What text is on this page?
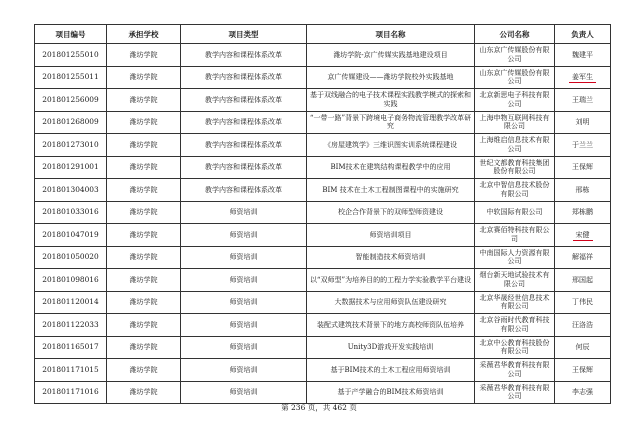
项目编号	承担学校	项目类型	项目名称	公司名称	负责人
201801255010	潍坊学院	教学内容和课程体系改革	潍坊学院-京广传媒实践基地建设项目	山东京广传媒股份有限公司	魏建平
201801255011	潍坊学院	教学内容和课程体系改革	京广传媒建设——潍坊学院校外实践基地	山东京广传媒股份有限公司	姜军生
201801256009	潍坊学院	教学内容和课程体系改革	基于双线融合的电子技术课程实践教学模式的探索和实践	北京新思电子科技有限公司	王瑞兰
201801268009	潍坊学院	教学内容和课程体系改革	“一带一路”背景下跨境电子商务物流管理教学改革研究	上海申物互联网科技有限公司	刘明
201801273010	潍坊学院	教学内容和课程体系改革	《房屋建筑学》三维识图实训系统课程建设	上海维启信息技术有限公司	于兰兰
201801291001	潍坊学院	教学内容和课程体系改革	BIM技术在建筑结构课程教学中的应用	世纪文都教育科技集团股份有限公司	王保辉
201801304003	潍坊学院	教学内容和课程体系改革	BIM 技术在土木工程制图课程中的实施研究	北京中智信息技术股份有限公司	邢栋
201801033016	潍坊学院	师资培训	校企合作背景下的双师型师资建设	中软国际有限公司	郑栋鹏
201801047019	潍坊学院	师资培训	师资培训项目	北京赛佰特科技有限公司	宋健
201801050020	潍坊学院	师资培训	智能制造技术师资培训	中南国际人力资源有限公司	解福祥
201801098016	潍坊学院	师资培训	以“双师型”为培养目的的工程力学实验教学平台建设	烟台新天地试验技术有限公司	邢国起
201801120014	潍坊学院	师资培训	大数据技术与应用师资队伍建设研究	北京华晟经世信息技术有限公司	丁伟民
201801122033	潍坊学院	师资培训	装配式建筑技术背景下的地方高校师资队伍培养	北京谷雨时代教育科技有限公司	汪洛浩
201801165017	潍坊学院	师资培训	Unity3D游戏开发实践培训	北京中公教育科技股份有限公司	何辰
201801171015	潍坊学院	师资培训	基于BIM技术的土木工程应用师资培训	采薇君华教育科技有限公司	王保辉
201801171016	潍坊学院	师资培训	基于产学融合的BIM技术师资培训	采薇君华教育科技有限公司	李志强
第 236 页，共 462 页
